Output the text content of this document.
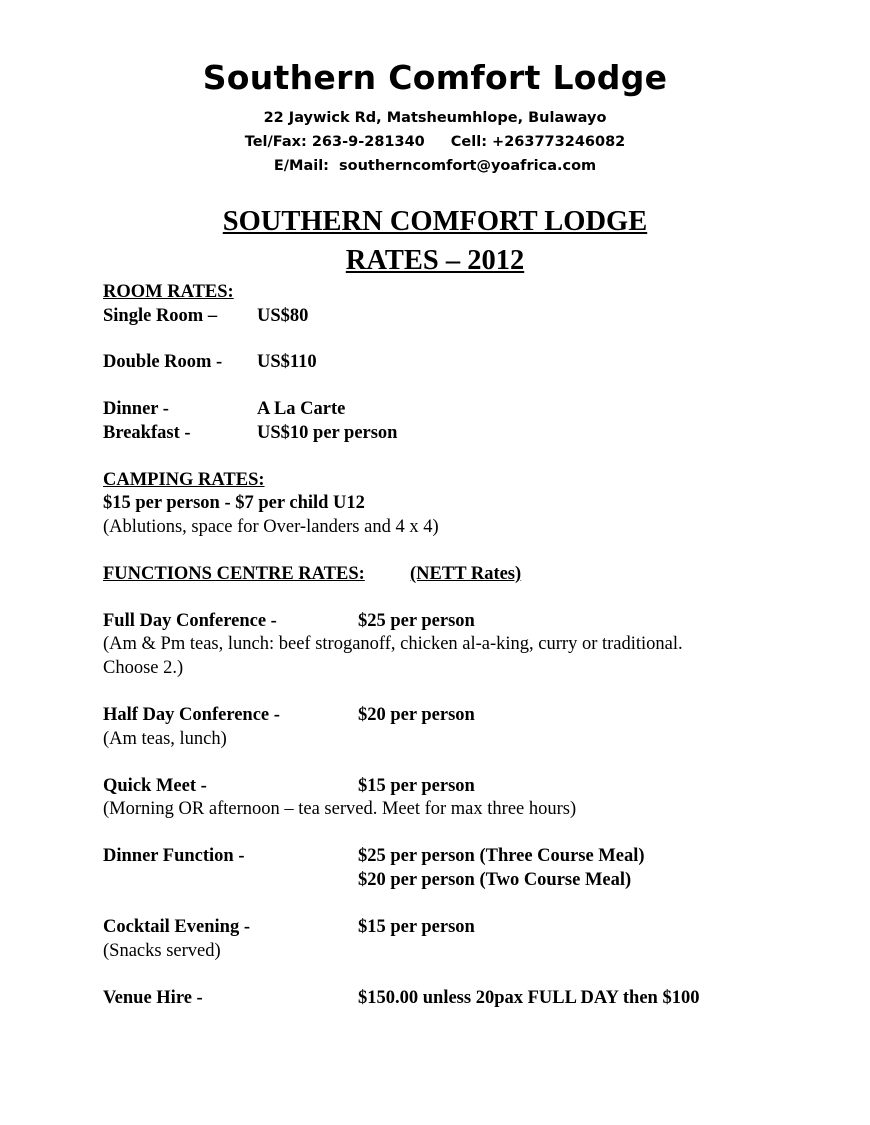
Southern Comfort Lodge
22 Jaywick Rd, Matsheumhlope, Bulawayo
Tel/Fax: 263-9-281340 Cell: +263773246082
E/Mail: southerncomfort@yoafrica.com
SOUTHERN COMFORT LODGE
RATES – 2012
ROOM RATES:
Single Room – US$80
Double Room - US$110
Dinner -	A La Carte
Breakfast -	US$10 per person
CAMPING RATES:
$15 per person - $7 per child U12
(Ablutions, space for Over-landers and 4 x 4)
FUNCTIONS CENTRE RATES: (NETT Rates)
Full Day Conference -	$25 per person
(Am & Pm teas, lunch: beef stroganoff, chicken al-a-king, curry or traditional.
Choose 2.)
Half Day Conference -	$20 per person
(Am teas, lunch)
Quick Meet -	$15 per person
(Morning OR afternoon – tea served. Meet for max three hours)
Dinner Function -	$25 per person (Three Course Meal)
$20 per person (Two Course Meal)
Cocktail Evening -	$15 per person
(Snacks served)
Venue Hire -	$150.00 unless 20pax FULL DAY then $100
